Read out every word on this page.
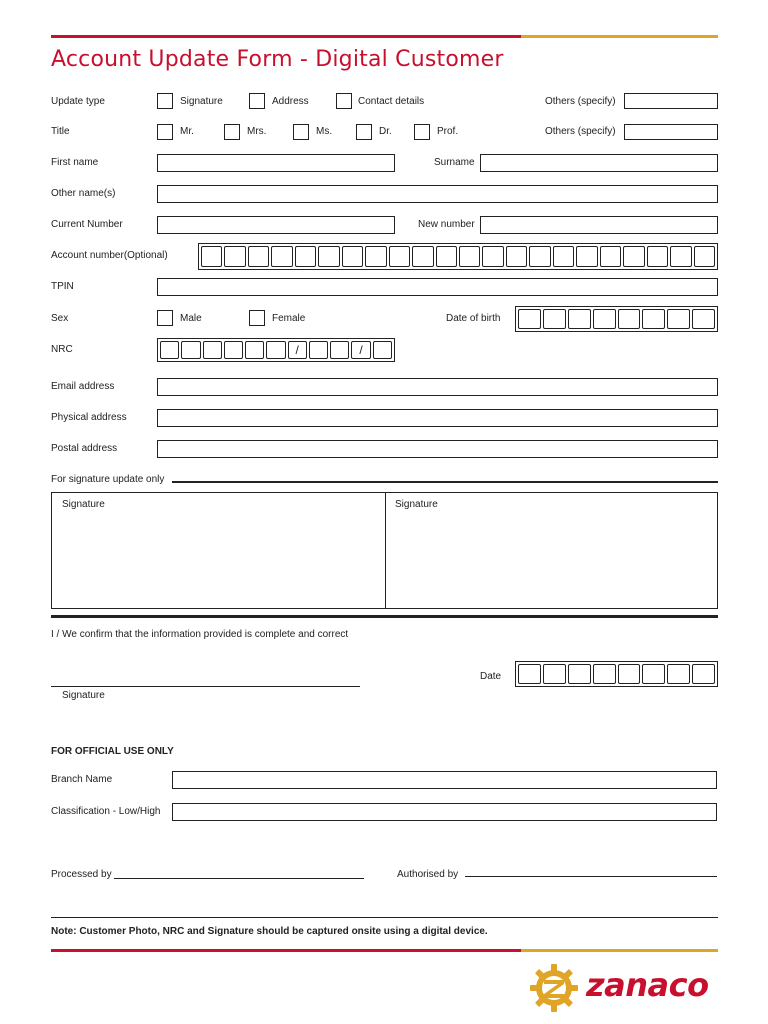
Account Update Form - Digital Customer
Update type	Signature	Address	Contact details	Others (specify)
Title	Mr.	Mrs.	Ms.	Dr.	Prof.	Others (specify)
First name	Surname
Other name(s)
Current Number	New number
Account number(Optional)
TPIN
Sex	Male	Female	Date of birth
NRC	/	/
Email address
Physical address
Postal address
For signature update only
Signature	Signature
I / We confirm that the information provided is complete and correct
Signature
Date
FOR OFFICIAL USE ONLY
Branch Name
Classification - Low/High
Processed by	Authorised by
Note: Customer Photo, NRC and Signature should be captured onsite using a digital device.
zanaco
